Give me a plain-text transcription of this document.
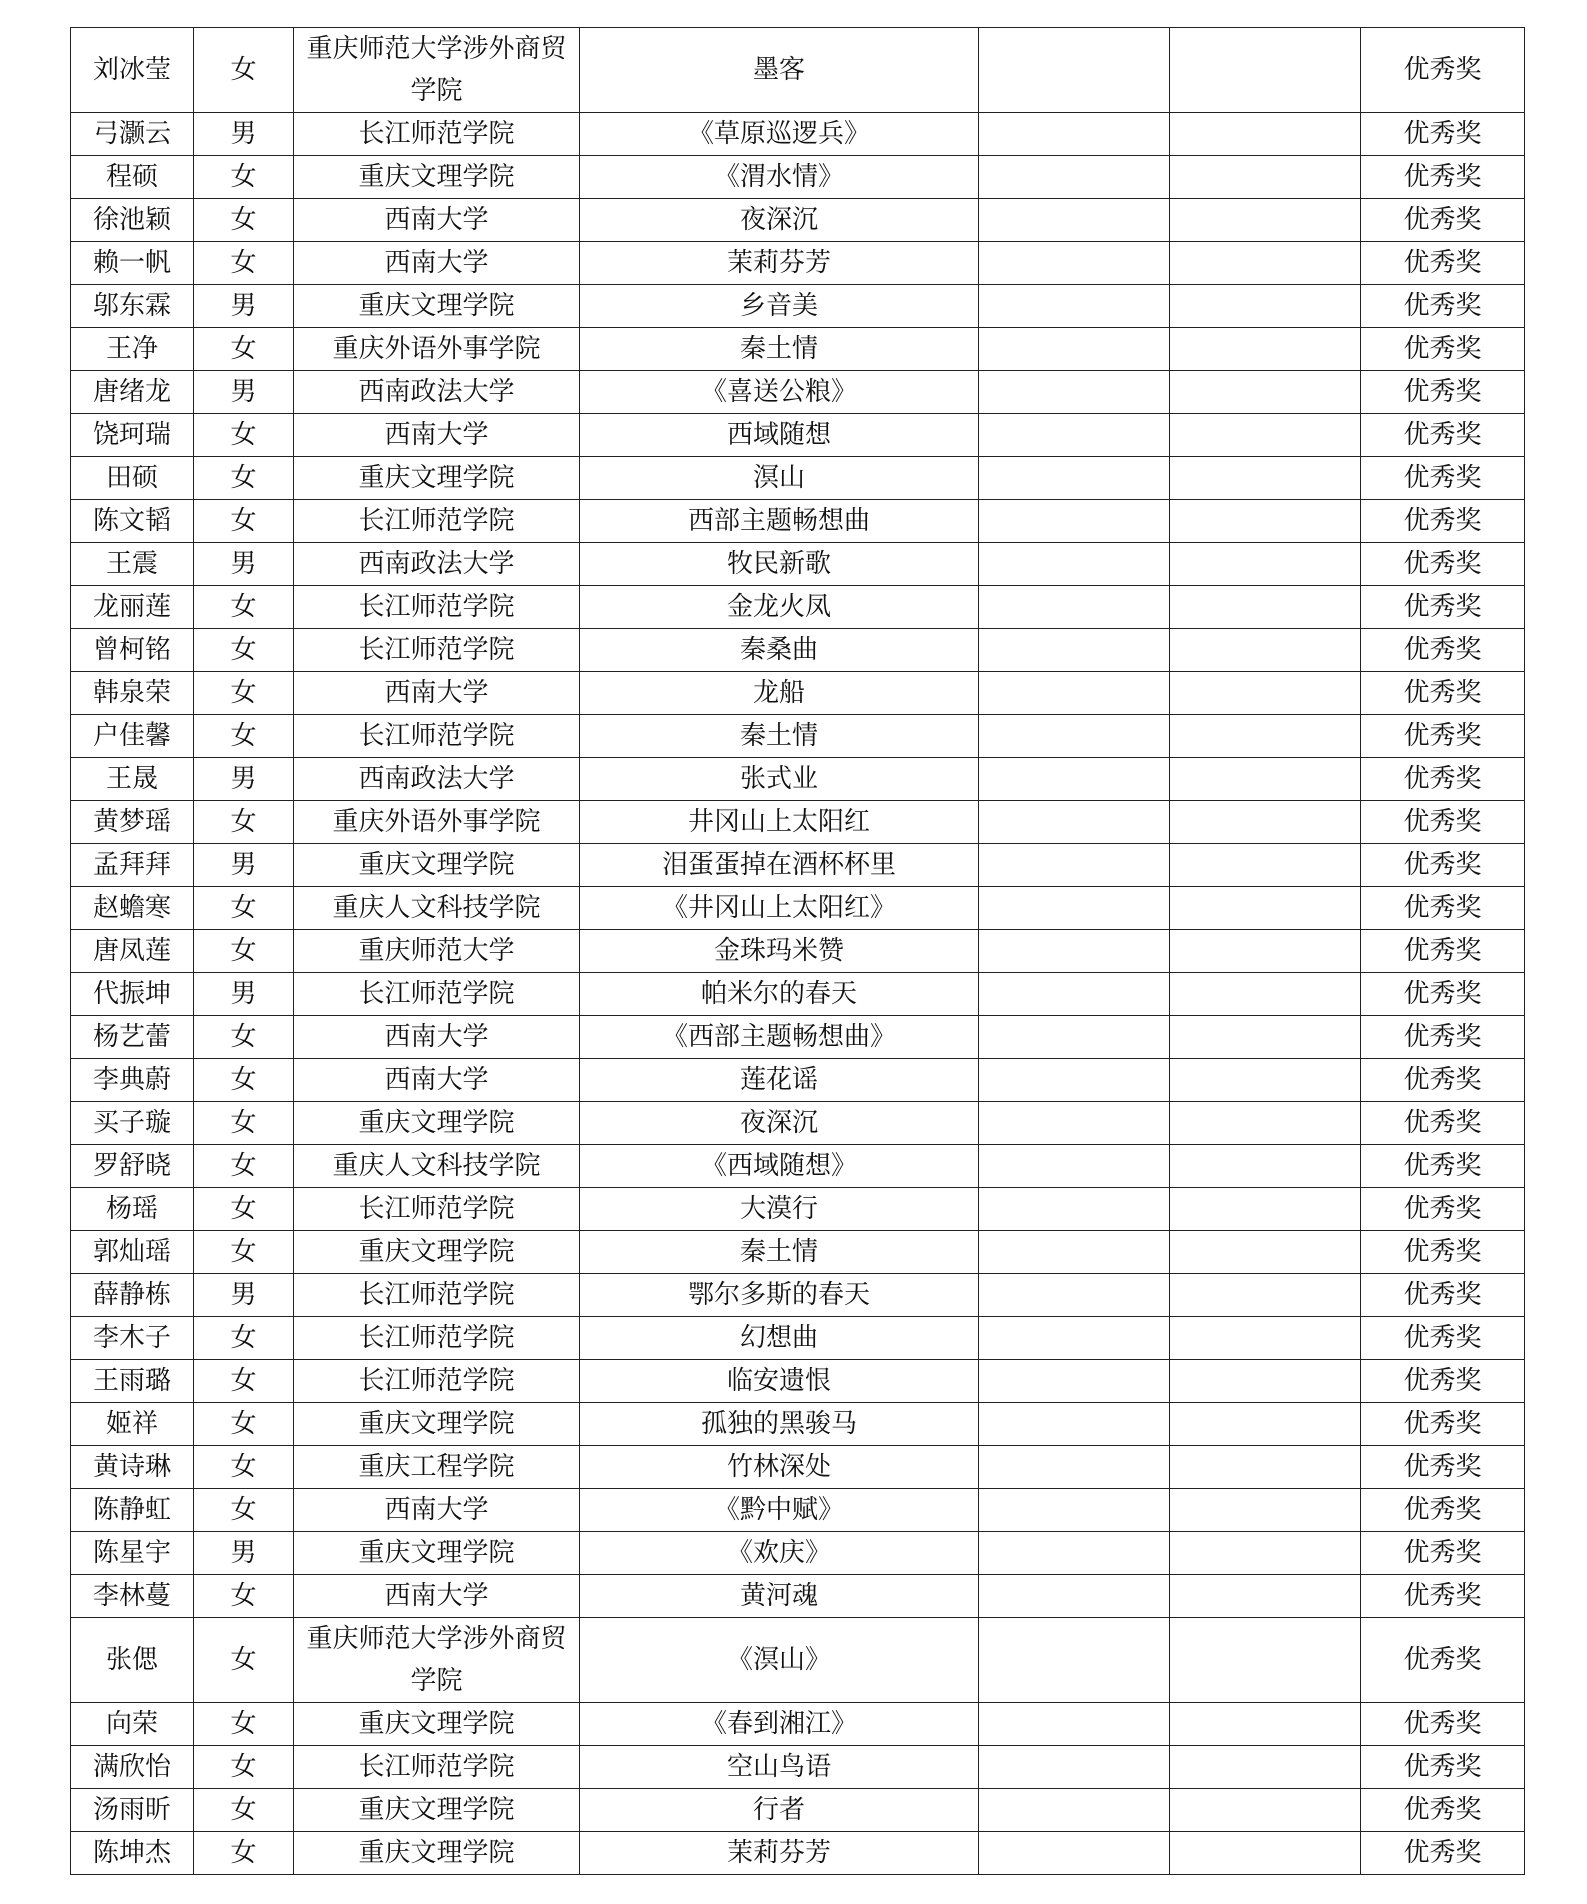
刘冰莹	女	重庆师范大学涉外商贸学院	墨客			优秀奖
弓灏云	男	长江师范学院	《草原巡逻兵》			优秀奖
程硕	女	重庆文理学院	《渭水情》			优秀奖
徐池颖	女	西南大学	夜深沉			优秀奖
赖一帆	女	西南大学	茉莉芬芳			优秀奖
邬东霖	男	重庆文理学院	乡音美			优秀奖
王净	女	重庆外语外事学院	秦土情			优秀奖
唐绪龙	男	西南政法大学	《喜送公粮》			优秀奖
饶珂瑞	女	西南大学	西域随想			优秀奖
田硕	女	重庆文理学院	溟山			优秀奖
陈文韬	女	长江师范学院	西部主题畅想曲			优秀奖
王震	男	西南政法大学	牧民新歌			优秀奖
龙丽莲	女	长江师范学院	金龙火凤			优秀奖
曾柯铭	女	长江师范学院	秦桑曲			优秀奖
韩泉荣	女	西南大学	龙船			优秀奖
户佳馨	女	长江师范学院	秦土情			优秀奖
王晟	男	西南政法大学	张式业			优秀奖
黄梦瑶	女	重庆外语外事学院	井冈山上太阳红			优秀奖
孟拜拜	男	重庆文理学院	泪蛋蛋掉在酒杯杯里			优秀奖
赵蟾寒	女	重庆人文科技学院	《井冈山上太阳红》			优秀奖
唐凤莲	女	重庆师范大学	金珠玛米赞			优秀奖
代振坤	男	长江师范学院	帕米尔的春天			优秀奖
杨艺蕾	女	西南大学	《西部主题畅想曲》			优秀奖
李典蔚	女	西南大学	莲花谣			优秀奖
买子璇	女	重庆文理学院	夜深沉			优秀奖
罗舒晓	女	重庆人文科技学院	《西域随想》			优秀奖
杨瑶	女	长江师范学院	大漠行			优秀奖
郭灿瑶	女	重庆文理学院	秦土情			优秀奖
薛静栋	男	长江师范学院	鄂尔多斯的春天			优秀奖
李木子	女	长江师范学院	幻想曲			优秀奖
王雨璐	女	长江师范学院	临安遗恨			优秀奖
姬祥	女	重庆文理学院	孤独的黑骏马			优秀奖
黄诗琳	女	重庆工程学院	竹林深处			优秀奖
陈静虹	女	西南大学	《黔中赋》			优秀奖
陈星宇	男	重庆文理学院	《欢庆》			优秀奖
李林蔓	女	西南大学	黄河魂			优秀奖
张偲	女	重庆师范大学涉外商贸学院	《溟山》			优秀奖
向荣	女	重庆文理学院	《春到湘江》			优秀奖
满欣怡	女	长江师范学院	空山鸟语			优秀奖
汤雨昕	女	重庆文理学院	行者			优秀奖
陈坤杰	女	重庆文理学院	茉莉芬芳			优秀奖
